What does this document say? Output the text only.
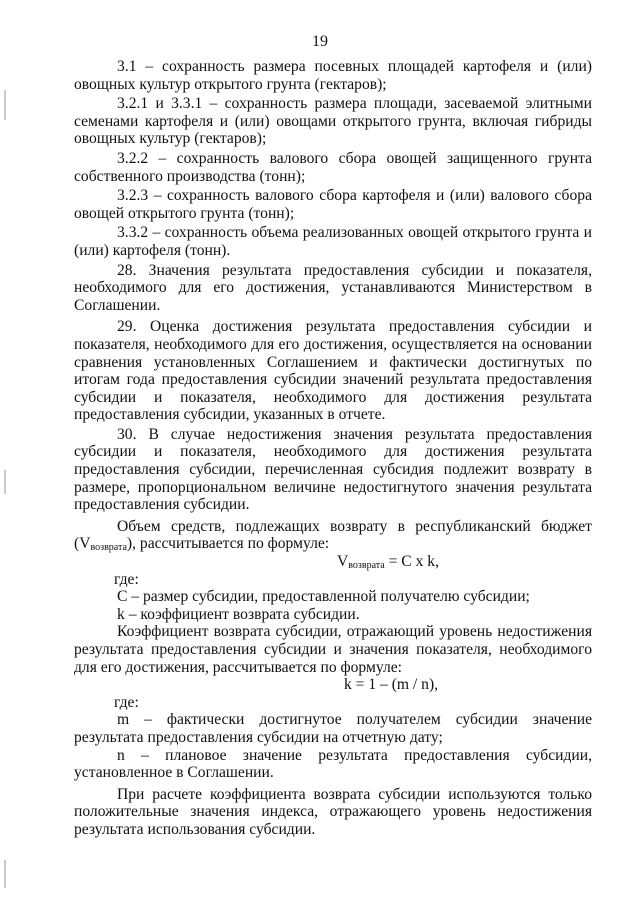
19

3.1 – сохранность размера посевных площадей картофеля и (или) овощных культур открытого грунта (гектаров);

3.2.1 и 3.3.1 – сохранность размера площади, засеваемой элитными семенами картофеля и (или) овощами открытого грунта, включая гибриды овощных культур (гектаров);

3.2.2 – сохранность валового сбора овощей защищенного грунта собственного производства (тонн);

3.2.3 – сохранность валового сбора картофеля и (или) валового сбора овощей открытого грунта (тонн);

3.3.2 – сохранность объема реализованных овощей открытого грунта и (или) картофеля (тонн).

28. Значения результата предоставления субсидии и показателя, необходимого для его достижения, устанавливаются Министерством в Соглашении.

29. Оценка достижения результата предоставления субсидии и показателя, необходимого для его достижения, осуществляется на основании сравнения установленных Соглашением и фактически достигнутых по итогам года предоставления субсидии значений результата предоставления субсидии и показателя, необходимого для достижения результата предоставления субсидии, указанных в отчете.

30. В случае недостижения значения результата предоставления субсидии и показателя, необходимого для достижения результата предоставления субсидии, перечисленная субсидия подлежит возврату в размере, пропорциональном величине недостигнутого значения результата предоставления субсидии.

Объем средств, подлежащих возврату в республиканский бюджет $(V_{возврата})$, рассчитывается по формуле:

$V_{возврата} = C$ x k,

где:

С – размер субсидии, предоставленной получателю субсидии;

k – коэффициент возврата субсидии.

Коэффициент возврата субсидии, отражающий уровень недостижения результата предоставления субсидии и значения показателя, необходимого для его достижения, рассчитывается по формуле:

k = 1 – (m / n),

где:

m – фактически достигнутое получателем субсидии значение результата предоставления субсидии на отчетную дату;

n – плановое значение результата предоставления субсидии, установленное в Соглашении.

При расчете коэффициента возврата субсидии используются только положительные значения индекса, отражающего уровень недостижения результата использования субсидии.
